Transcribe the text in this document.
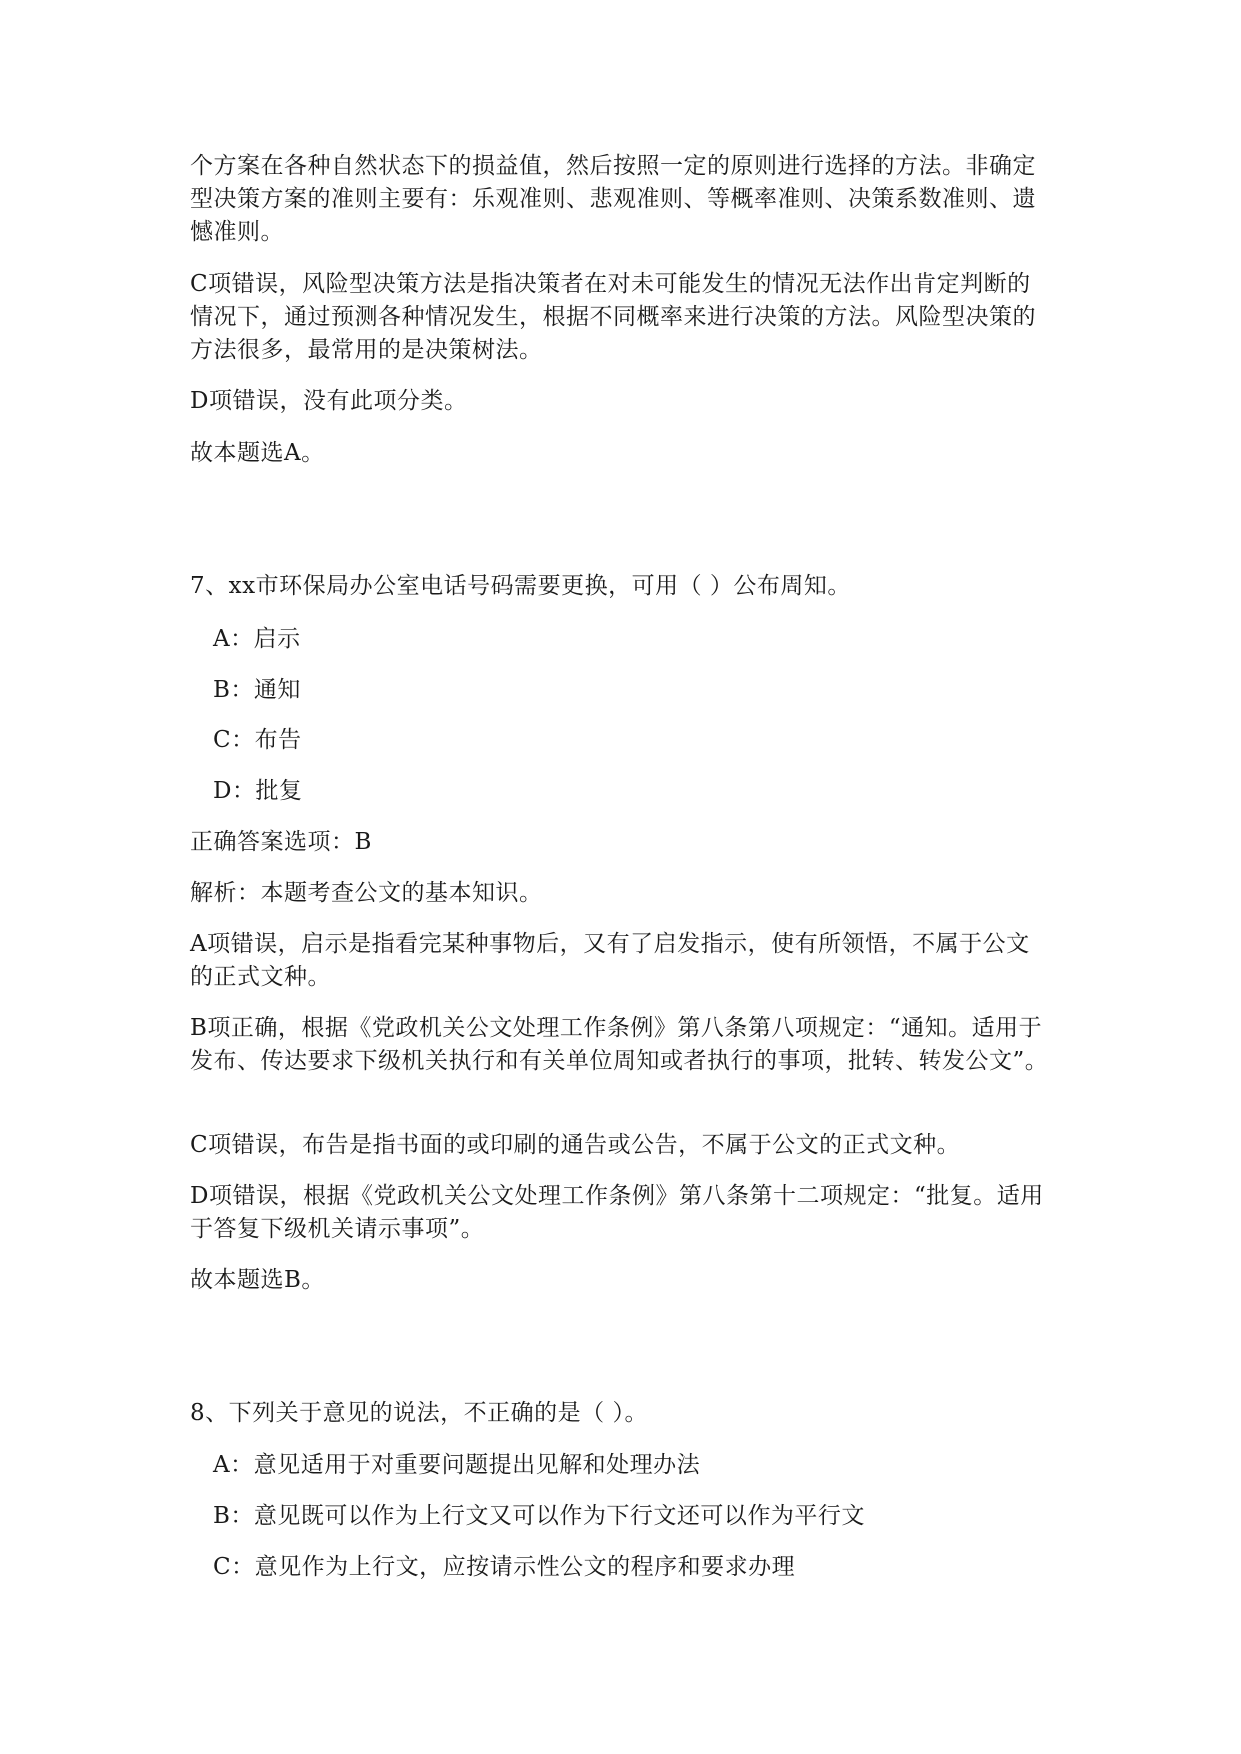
个方案在各种自然状态下的损益值，然后按照一定的原则进行选择的方法。非确定型决策方案的准则主要有：乐观准则、悲观准则、等概率准则、决策系数准则、遗憾准则。

C项错误，风险型决策方法是指决策者在对未可能发生的情况无法作出肯定判断的情况下，通过预测各种情况发生，根据不同概率来进行决策的方法。风险型决策的方法很多，最常用的是决策树法。

D项错误，没有此项分类。

故本题选A。

7、xx市环保局办公室电话号码需要更换，可用（ ）公布周知。

A：启示

B：通知

C：布告

D：批复

正确答案选项：B

解析：本题考查公文的基本知识。

A项错误，启示是指看完某种事物后，又有了启发指示，使有所领悟，不属于公文的正式文种。

B项正确，根据《党政机关公文处理工作条例》第八条第八项规定：“通知。适用于发布、传达要求下级机关执行和有关单位周知或者执行的事项，批转、转发公文”。

C项错误，布告是指书面的或印刷的通告或公告，不属于公文的正式文种。

D项错误，根据《党政机关公文处理工作条例》第八条第十二项规定：“批复。适用于答复下级机关请示事项”。

故本题选B。

8、下列关于意见的说法，不正确的是（ ）。

A：意见适用于对重要问题提出见解和处理办法

B：意见既可以作为上行文又可以作为下行文还可以作为平行文

C：意见作为上行文，应按请示性公文的程序和要求办理
